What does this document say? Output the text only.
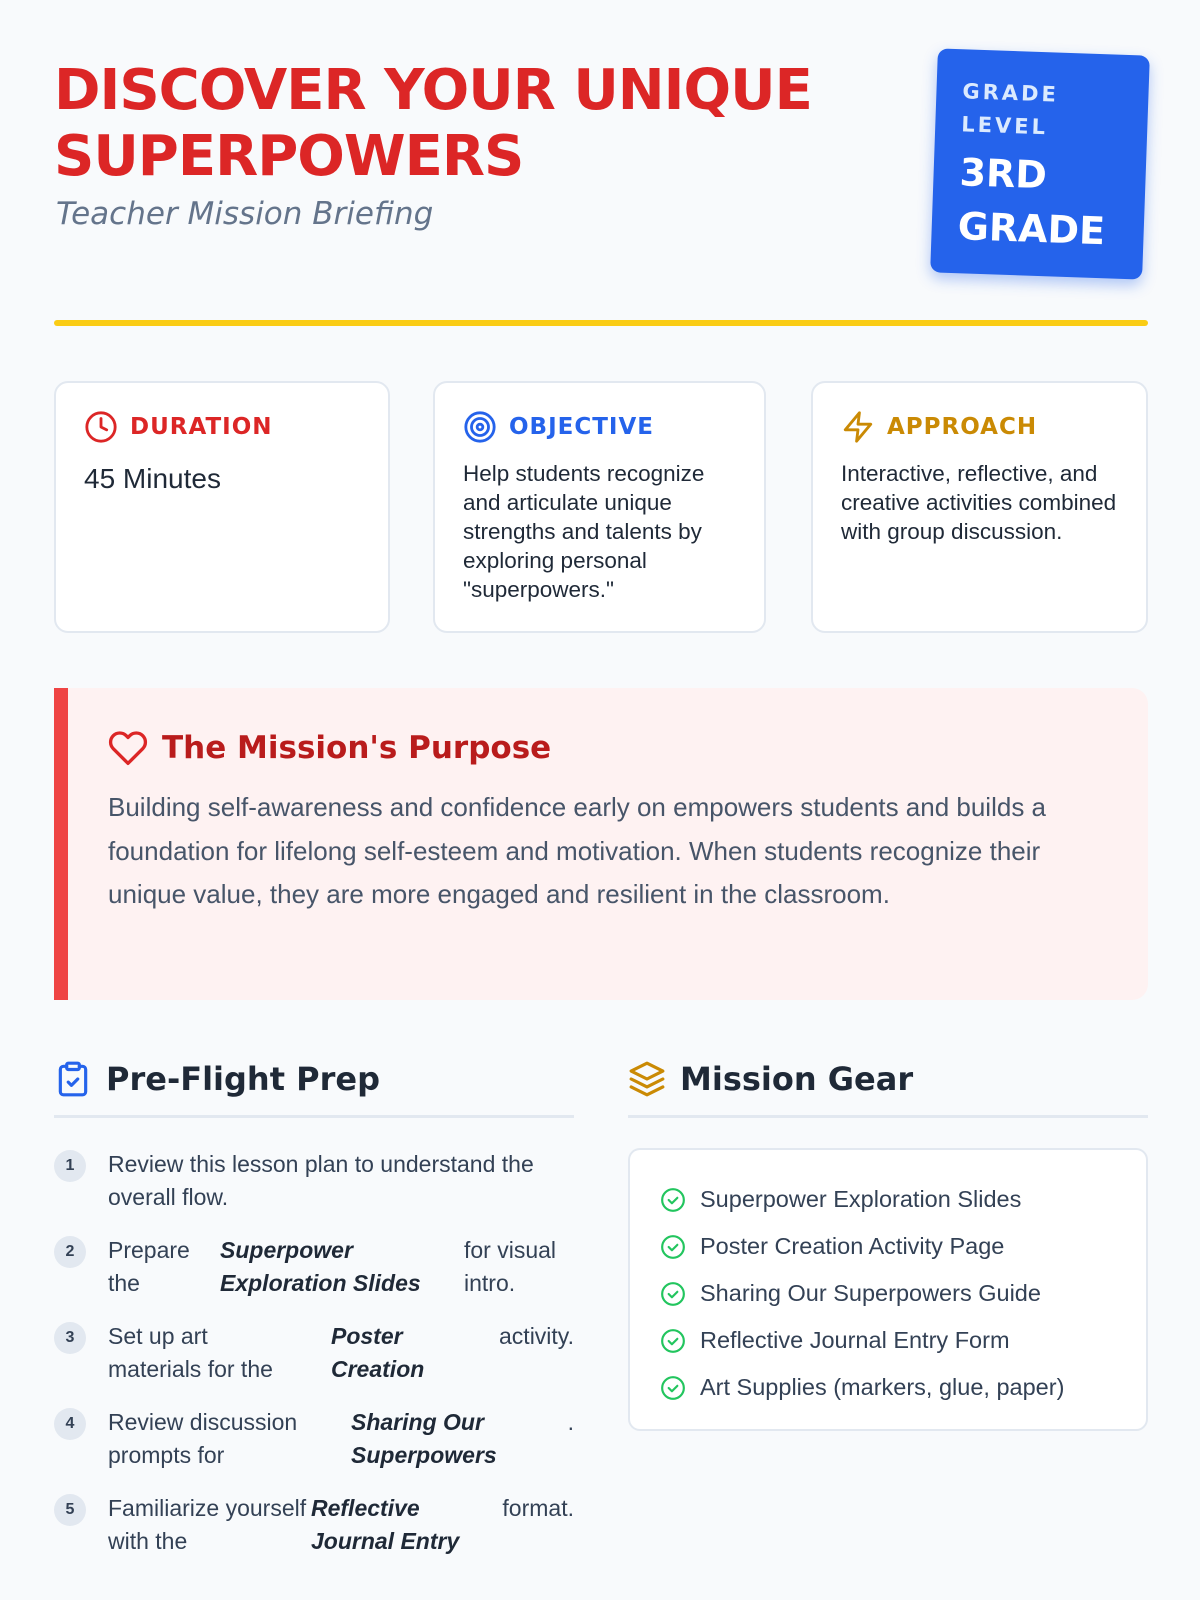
DISCOVER YOUR UNIQUE SUPERPOWERS
Teacher Mission Briefing
GRADE LEVEL
3RD GRADE
DURATION
45 Minutes
OBJECTIVE
Help students recognize and articulate unique strengths and talents by exploring personal "superpowers."
APPROACH
Interactive, reflective, and creative activities combined with group discussion.
The Mission's Purpose
Building self-awareness and confidence early on empowers students and builds a foundation for lifelong self-esteem and motivation. When students recognize their unique value, they are more engaged and resilient in the classroom.
Pre-Flight Prep
1	Review this lesson plan to understand the overall flow.
2	Prepare the
Superpower Exploration Slides
for visual intro.
3	Set up art materials for the
Poster Creation
activity.
4	Review discussion prompts for
Sharing Our Superpowers
.
5	Familiarize yourself with the
Reflective Journal Entry
format.
Mission Gear
Superpower Exploration Slides
Poster Creation Activity Page
Sharing Our Superpowers Guide
Reflective Journal Entry Form
Art Supplies (markers, glue, paper)
